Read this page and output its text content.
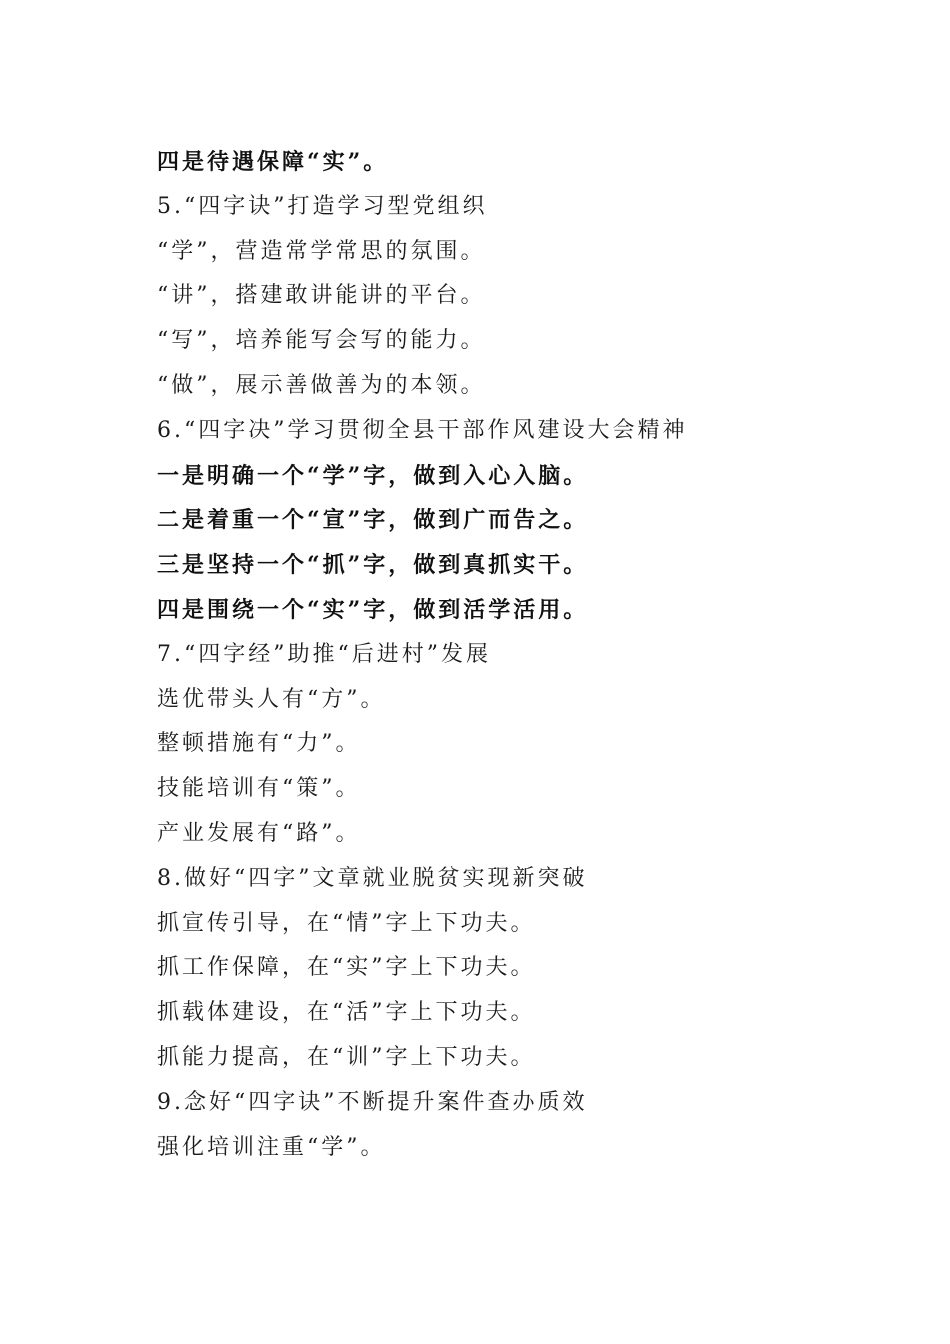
四是待遇保障“实”。
5.“四字诀”打造学习型党组织
“学”，营造常学常思的氛围。
“讲”，搭建敢讲能讲的平台。
“写”，培养能写会写的能力。
“做”，展示善做善为的本领。
6.“四字决”学习贯彻全县干部作风建设大会精神
一是明确一个“学”字，做到入心入脑。
二是着重一个“宣”字，做到广而告之。
三是坚持一个“抓”字，做到真抓实干。
四是围绕一个“实”字，做到活学活用。
7.“四字经”助推“后进村”发展
选优带头人有“方”。
整顿措施有“力”。
技能培训有“策”。
产业发展有“路”。
8.做好“四字”文章就业脱贫实现新突破
抓宣传引导，在“情”字上下功夫。
抓工作保障，在“实”字上下功夫。
抓载体建设，在“活”字上下功夫。
抓能力提高，在“训”字上下功夫。
9.念好“四字诀”不断提升案件查办质效
强化培训注重“学”。
